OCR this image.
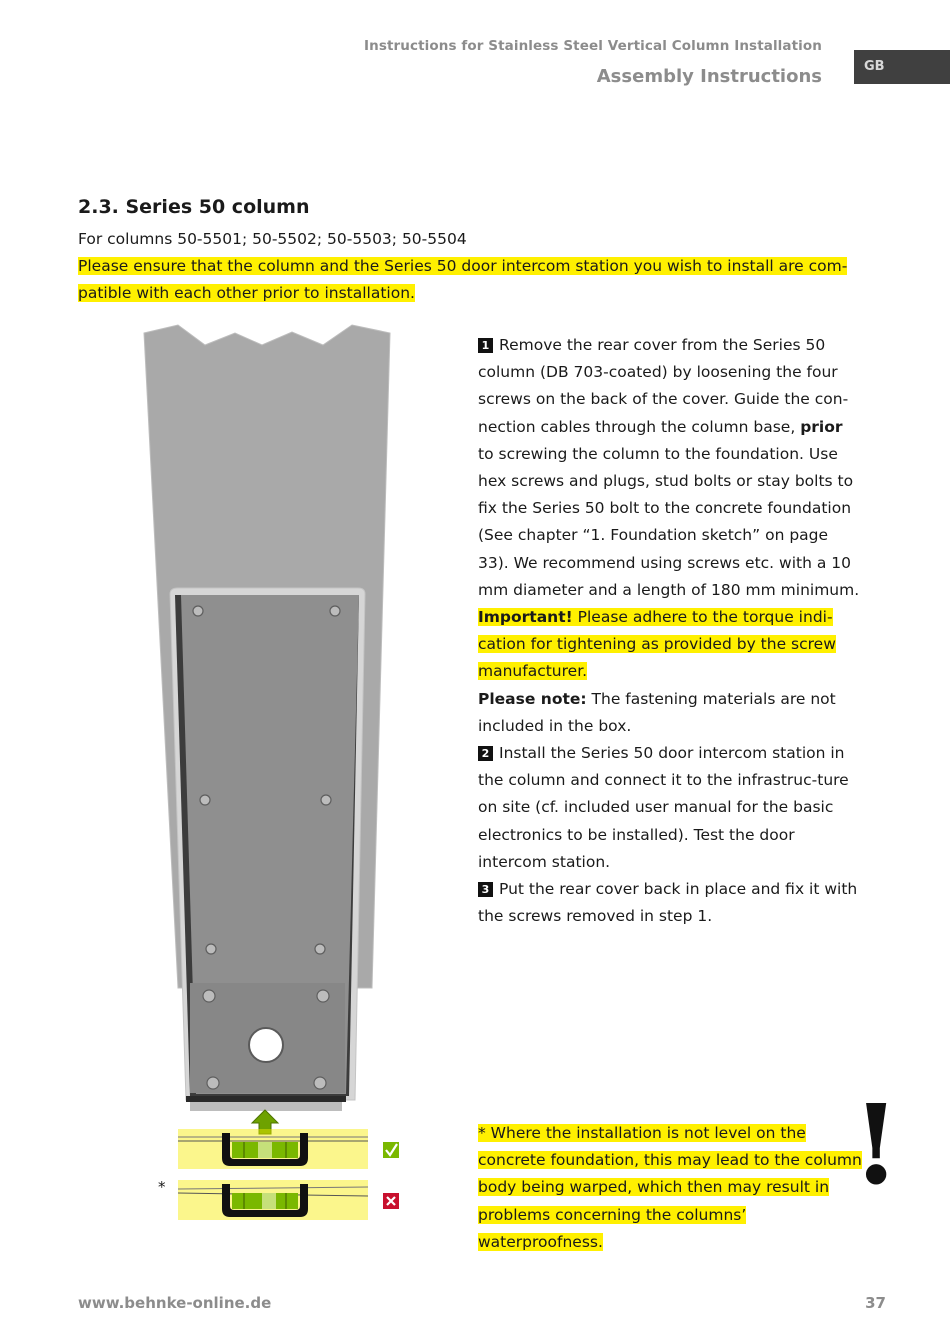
Instructions for Stainless Steel Vertical Column Installation
Assembly Instructions	GB
2.3. Series 50 column
For columns 50-5501; 50-5502; 50-5503; 50-5504
Please ensure that the column and the Series 50 door intercom station you wish to install are com-patible with each other prior to installation.
*
1 Remove the rear cover from the Series 50 column (DB 703-coated) by loosening the four screws on the back of the cover. Guide the con-nection cables through the column base, prior to screwing the column to the foundation. Use hex screws and plugs, stud bolts or stay bolts to fix the Series 50 bolt to the concrete foundation (See chapter “1. Foundation sketch” on page 33). We recommend using screws etc. with a 10 mm diameter and a length of 180 mm minimum.
Important! Please adhere to the torque indi-cation for tightening as provided by the screw manufacturer.
Please note: The fastening materials are not included in the box.
2 Install the Series 50 door intercom station in the column and connect it to the infrastruc-ture on site (cf. included user manual for the basic electronics to be installed). Test the door intercom station.
3 Put the rear cover back in place and fix it with the screws removed in step 1.
* Where the installation is not level on the concrete foundation, this may lead to the column body being warped, which then may result in problems concerning the columns’ waterproofness.
!
www.behnke-online.de	37
